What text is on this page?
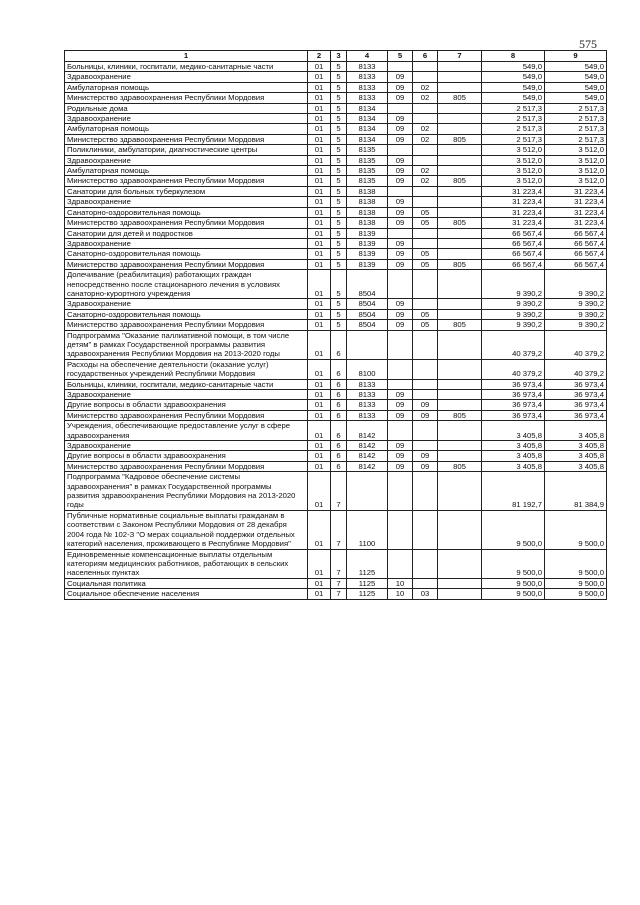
575
1	2	3	4	5	6	7	8	9
Больницы, клиники, госпитали, медико-санитарные части	01	5	8133				549,0	549,0
Здравоохранение	01	5	8133	09			549,0	549,0
Амбулаторная помощь	01	5	8133	09	02		549,0	549,0
Министерство здравоохранения Республики Мордовия	01	5	8133	09	02	805	549,0	549,0
Родильные дома	01	5	8134				2 517,3	2 517,3
Здравоохранение	01	5	8134	09			2 517,3	2 517,3
Амбулаторная помощь	01	5	8134	09	02		2 517,3	2 517,3
Министерство здравоохранения Республики Мордовия	01	5	8134	09	02	805	2 517,3	2 517,3
Поликлиники, амбулатории, диагностические центры	01	5	8135				3 512,0	3 512,0
Здравоохранение	01	5	8135	09			3 512,0	3 512,0
Амбулаторная помощь	01	5	8135	09	02		3 512,0	3 512,0
Министерство здравоохранения Республики Мордовия	01	5	8135	09	02	805	3 512,0	3 512,0
Санатории для больных туберкулезом	01	5	8138				31 223,4	31 223,4
Здравоохранение	01	5	8138	09			31 223,4	31 223,4
Санаторно-оздоровительная помощь	01	5	8138	09	05		31 223,4	31 223,4
Министерство здравоохранения Республики Мордовия	01	5	8138	09	05	805	31 223,4	31 223,4
Санатории для детей и подростков	01	5	8139				66 567,4	66 567,4
Здравоохранение	01	5	8139	09			66 567,4	66 567,4
Санаторно-оздоровительная помощь	01	5	8139	09	05		66 567,4	66 567,4
Министерство здравоохранения Республики Мордовия	01	5	8139	09	05	805	66 567,4	66 567,4
Долечивание (реабилитация) работающих граждан непосредственно после стационарного лечения в условиях санаторно-курортного учреждения	01	5	8504				9 390,2	9 390,2
Здравоохранение	01	5	8504	09			9 390,2	9 390,2
Санаторно-оздоровительная помощь	01	5	8504	09	05		9 390,2	9 390,2
Министерство здравоохранения Республики Мордовия	01	5	8504	09	05	805	9 390,2	9 390,2
Подпрограмма "Оказание паллиативной помощи, в том числе детям" в рамках Государственной программы развития здравоохранения Республики Мордовия на 2013-2020 годы	01	6					40 379,2	40 379,2
Расходы на обеспечение деятельности (оказание услуг) государственных учреждений Республики Мордовия	01	6	8100				40 379,2	40 379,2
Больницы, клиники, госпитали, медико-санитарные части	01	6	8133				36 973,4	36 973,4
Здравоохранение	01	6	8133	09			36 973,4	36 973,4
Другие вопросы в области здравоохранения	01	6	8133	09	09		36 973,4	36 973,4
Министерство здравоохранения Республики Мордовия	01	6	8133	09	09	805	36 973,4	36 973,4
Учреждения, обеспечивающие предоставление услуг в сфере здравоохранения	01	6	8142				3 405,8	3 405,8
Здравоохранение	01	6	8142	09			3 405,8	3 405,8
Другие вопросы в области здравоохранения	01	6	8142	09	09		3 405,8	3 405,8
Министерство здравоохранения Республики Мордовия	01	6	8142	09	09	805	3 405,8	3 405,8
Подпрограмма "Кадровое обеспечение системы здравоохранения" в рамках Государственной программы развития здравоохранения Республики Мордовия на 2013-2020 годы	01	7					81 192,7	81 384,9
Публичные нормативные социальные выплаты гражданам в соответствии с Законом Республики Мордовия от 28 декабря 2004 года № 102-З "О мерах социальной поддержки отдельных категорий населения, проживающего в Республике Мордовия"	01	7	1100				9 500,0	9 500,0
Единовременные компенсационные выплаты отдельным категориям медицинских работников, работающих в сельских населенных пунктах	01	7	1125				9 500,0	9 500,0
Социальная политика	01	7	1125	10			9 500,0	9 500,0
Социальное обеспечение населения	01	7	1125	10	03		9 500,0	9 500,0
